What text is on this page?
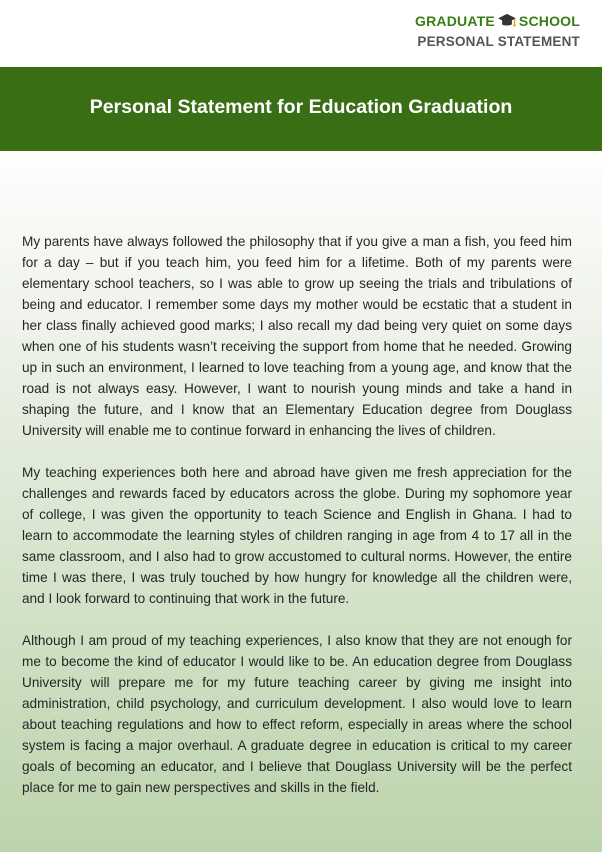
GRADUATE SCHOOL
PERSONAL STATEMENT
Personal Statement for Education Graduation

My parents have always followed the philosophy that if you give a man a fish, you feed him for a day – but if you teach him, you feed him for a lifetime. Both of my parents were elementary school teachers, so I was able to grow up seeing the trials and tribulations of being and educator. I remember some days my mother would be ecstatic that a student in her class finally achieved good marks; I also recall my dad being very quiet on some days when one of his students wasn’t receiving the support from home that he needed. Growing up in such an environment, I learned to love teaching from a young age, and know that the road is not always easy. However, I want to nourish young minds and take a hand in shaping the future, and I know that an Elementary Education degree from Douglass University will enable me to continue forward in enhancing the lives of children.

My teaching experiences both here and abroad have given me fresh appreciation for the challenges and rewards faced by educators across the globe. During my sophomore year of college, I was given the opportunity to teach Science and English in Ghana. I had to learn to accommodate the learning styles of children ranging in age from 4 to 17 all in the same classroom, and I also had to grow accustomed to cultural norms. However, the entire time I was there, I was truly touched by how hungry for knowledge all the children were, and I look forward to continuing that work in the future.

Although I am proud of my teaching experiences, I also know that they are not enough for me to become the kind of educator I would like to be. An education degree from Douglass University will prepare me for my future teaching career by giving me insight into administration, child psychology, and curriculum development. I also would love to learn about teaching regulations and how to effect reform, especially in areas where the school system is facing a major overhaul. A graduate degree in education is critical to my career goals of becoming an educator, and I believe that Douglass University will be the perfect place for me to gain new perspectives and skills in the field.
